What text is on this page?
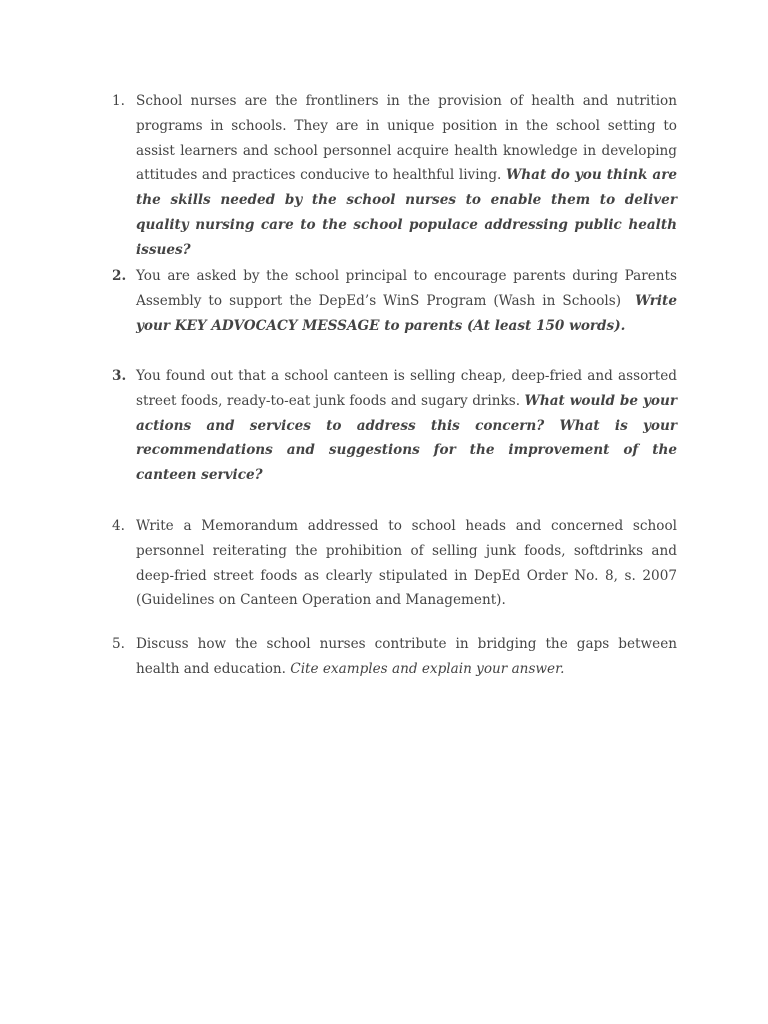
1. School nurses are the frontliners in the provision of health and nutrition programs in schools. They are in unique position in the school setting to assist learners and school personnel acquire health knowledge in developing attitudes and practices conducive to healthful living. What do you think are the skills needed by the school nurses to enable them to deliver quality nursing care to the school populace addressing public health issues?

2. You are asked by the school principal to encourage parents during Parents Assembly to support the DepEd’s WinS Program (Wash in Schools) Write your KEY ADVOCACY MESSAGE to parents (At least 150 words).

3. You found out that a school canteen is selling cheap, deep-fried and assorted street foods, ready-to-eat junk foods and sugary drinks. What would be your actions and services to address this concern? What is your recommendations and suggestions for the improvement of the canteen service?

4. Write a Memorandum addressed to school heads and concerned school personnel reiterating the prohibition of selling junk foods, softdrinks and deep-fried street foods as clearly stipulated in DepEd Order No. 8, s. 2007 (Guidelines on Canteen Operation and Management).

5. Discuss how the school nurses contribute in bridging the gaps between health and education. Cite examples and explain your answer.
